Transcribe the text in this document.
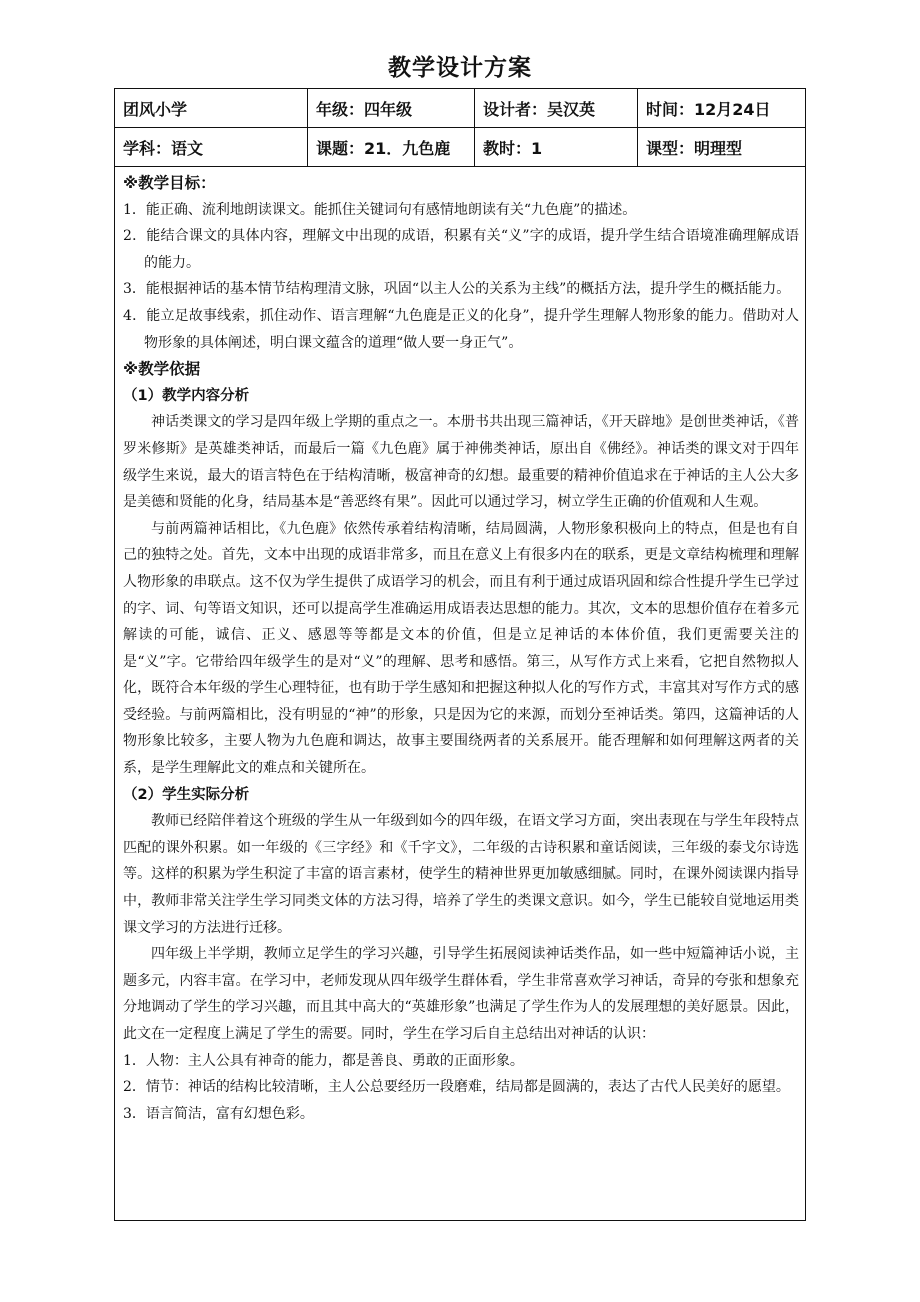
教学设计方案
团风小学	年级：四年级	设计者：吴汉英	时间：12月24日
学科：语文	课题：21．九色鹿	教时：1	课型：明理型
※教学目标：
1．能正确、流利地朗读课文。能抓住关键词句有感情地朗读有关“九色鹿”的描述。
2．能结合课文的具体内容，理解文中出现的成语，积累有关“义”字的成语，提升学生结合语境准确理解成语的能力。
3．能根据神话的基本情节结构理清文脉，巩固“以主人公的关系为主线”的概括方法，提升学生的概括能力。
4．能立足故事线索，抓住动作、语言理解“九色鹿是正义的化身”，提升学生理解人物形象的能力。借助对人物形象的具体阐述，明白课文蕴含的道理“做人要一身正气”。
※教学依据
（1）教学内容分析
神话类课文的学习是四年级上学期的重点之一。本册书共出现三篇神话，《开天辟地》是创世类神话，《普罗米修斯》是英雄类神话，而最后一篇《九色鹿》属于神佛类神话，原出自《佛经》。神话类的课文对于四年级学生来说，最大的语言特色在于结构清晰，极富神奇的幻想。最重要的精神价值追求在于神话的主人公大多是美德和贤能的化身，结局基本是“善恶终有果”。因此可以通过学习，树立学生正确的价值观和人生观。
与前两篇神话相比，《九色鹿》依然传承着结构清晰，结局圆满，人物形象积极向上的特点，但是也有自己的独特之处。首先，文本中出现的成语非常多，而且在意义上有很多内在的联系，更是文章结构梳理和理解人物形象的串联点。这不仅为学生提供了成语学习的机会，而且有利于通过成语巩固和综合性提升学生已学过的字、词、句等语文知识，还可以提高学生准确运用成语表达思想的能力。其次，文本的思想价值存在着多元解读的可能，诚信、正义、感恩等等都是文本的价值，但是立足神话的本体价值，我们更需要关注的是“义”字。它带给四年级学生的是对“义”的理解、思考和感悟。第三，从写作方式上来看，它把自然物拟人化，既符合本年级的学生心理特征，也有助于学生感知和把握这种拟人化的写作方式，丰富其对写作方式的感受经验。与前两篇相比，没有明显的“神”的形象，只是因为它的来源，而划分至神话类。第四，这篇神话的人物形象比较多，主要人物为九色鹿和调达，故事主要围绕两者的关系展开。能否理解和如何理解这两者的关系，是学生理解此文的难点和关键所在。
（2）学生实际分析
教师已经陪伴着这个班级的学生从一年级到如今的四年级，在语文学习方面，突出表现在与学生年段特点匹配的课外积累。如一年级的《三字经》和《千字文》，二年级的古诗积累和童话阅读，三年级的泰戈尔诗选等。这样的积累为学生积淀了丰富的语言素材，使学生的精神世界更加敏感细腻。同时，在课外阅读课内指导中，教师非常关注学生学习同类文体的方法习得，培养了学生的类课文意识。如今，学生已能较自觉地运用类课文学习的方法进行迁移。
四年级上半学期，教师立足学生的学习兴趣，引导学生拓展阅读神话类作品，如一些中短篇神话小说，主题多元，内容丰富。在学习中，老师发现从四年级学生群体看，学生非常喜欢学习神话，奇异的夸张和想象充分地调动了学生的学习兴趣，而且其中高大的“英雄形象”也满足了学生作为人的发展理想的美好愿景。因此，此文在一定程度上满足了学生的需要。同时，学生在学习后自主总结出对神话的认识：
1．人物：主人公具有神奇的能力，都是善良、勇敢的正面形象。
2．情节：神话的结构比较清晰，主人公总要经历一段磨难，结局都是圆满的，表达了古代人民美好的愿望。
3．语言简洁，富有幻想色彩。
